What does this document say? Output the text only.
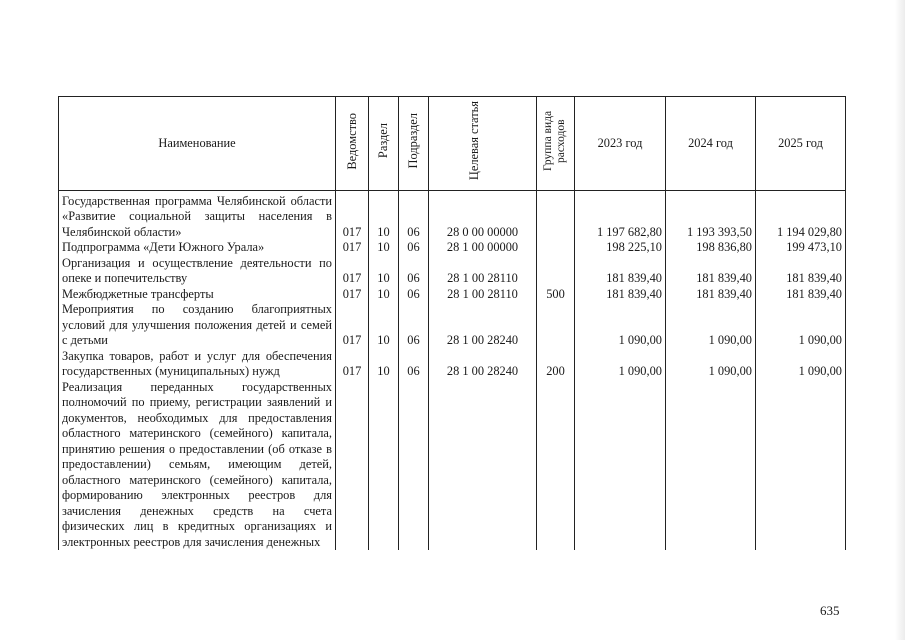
Наименование	Ведомство	Раздел	Подраздел	Целевая статья	Группа вида расходов	2023 год	2024 год	2025 год
Государственная программа Челябинской области «Развитие социальной защиты населения в Челябинской области»	017	10	06	28 0 00 00000		1 197 682,80	1 193 393,50	1 194 029,80
Подпрограмма «Дети Южного Урала»	017	10	06	28 1 00 00000		198 225,10	198 836,80	199 473,10
Организация и осуществление деятельности по опеке и попечительству	017	10	06	28 1 00 28110		181 839,40	181 839,40	181 839,40
Межбюджетные трансферты	017	10	06	28 1 00 28110	500	181 839,40	181 839,40	181 839,40
Мероприятия по созданию благоприятных условий для улучшения положения детей и семей с детьми	017	10	06	28 1 00 28240		1 090,00	1 090,00	1 090,00
Закупка товаров, работ и услуг для обеспечения государственных (муниципальных) нужд	017	10	06	28 1 00 28240	200	1 090,00	1 090,00	1 090,00
Реализация переданных государственных полномочий по приему, регистрации заявлений и документов, необходимых для предоставления областного материнского (семейного) капитала, принятию решения о предоставлении (об отказе в предоставлении) семьям, имеющим детей, областного материнского (семейного) капитала, формированию электронных реестров для зачисления денежных средств на счета физических лиц в кредитных организациях и электронных реестров для зачисления денежных								
635
